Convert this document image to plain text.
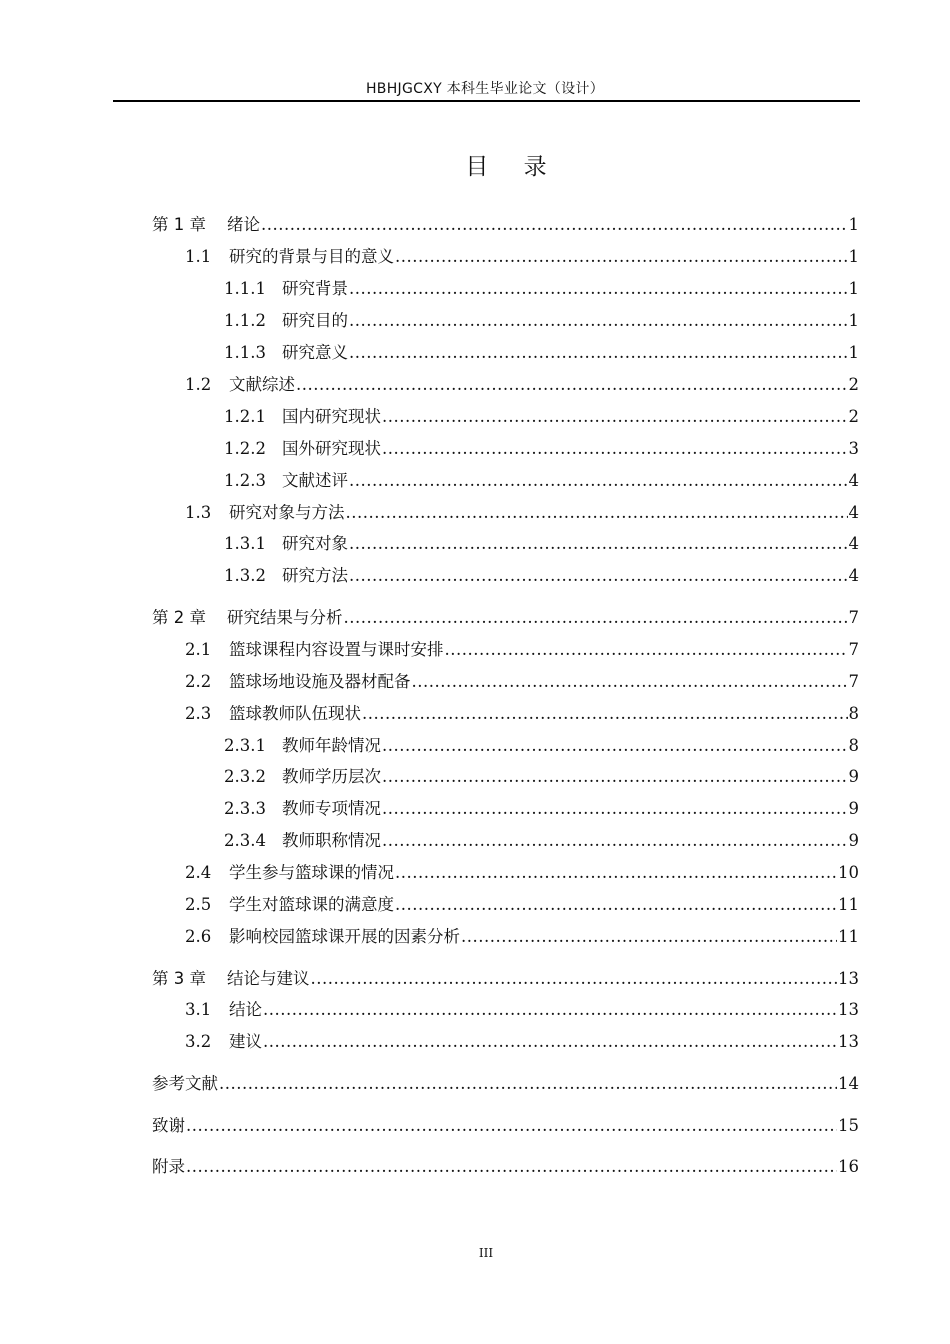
HBHJGCXY 本科生毕业论文（设计）
目 录
第 1 章	绪论 .....	1
1.1	研究的背景与目的意义 .....	1
1.1.1 研究背景 .....	1
1.1.2 研究目的 .....	1
1.1.3 研究意义 .....	1
1.2	文献综述 .....	2
1.2.1 国内研究现状 .....	2
1.2.2 国外研究现状 .....	3
1.2.3 文献述评 .....	4
1.3	研究对象与方法 .....	4
1.3.1 研究对象 .....	4
1.3.2 研究方法 .....	4
第 2 章	研究结果与分析 .....	7
2.1	篮球课程内容设置与课时安排 .....	7
2.2	篮球场地设施及器材配备 .....	7
2.3	篮球教师队伍现状 .....	8
2.3.1 教师年龄情况 .....	8
2.3.2 教师学历层次 .....	9
2.3.3 教师专项情况 .....	9
2.3.4 教师职称情况 .....	9
2.4	学生参与篮球课的情况 .....	10
2.5	学生对篮球课的满意度 .....	11
2.6	影响校园篮球课开展的因素分析 .....	11
第 3 章	结论与建议 .....	13
3.1	结论 .....	13
3.2	建议 .....	13
参考文献 .....	14
致谢 .....	15
附录 .....	16
III
